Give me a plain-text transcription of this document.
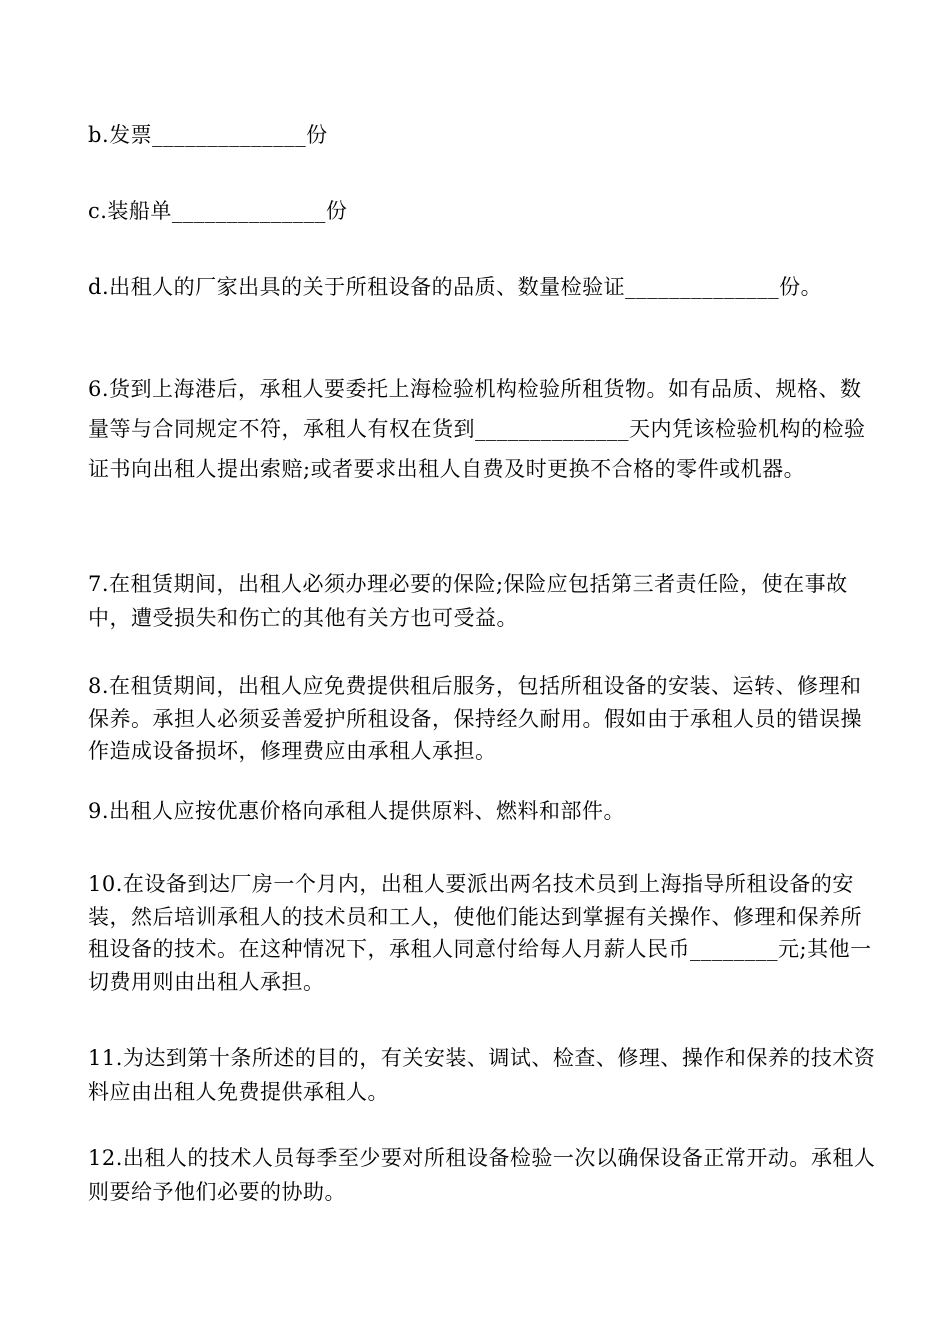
b.发票______________份

c.装船单______________份

d.出租人的厂家出具的关于所租设备的品质、数量检验证______________份。

6.货到上海港后，承租人要委托上海检验机构检验所租货物。如有品质、规格、数量等与合同规定不符，承租人有权在货到______________天内凭该检验机构的检验证书向出租人提出索赔;或者要求出租人自费及时更换不合格的零件或机器。

7.在租赁期间，出租人必须办理必要的保险;保险应包括第三者责任险，使在事故中，遭受损失和伤亡的其他有关方也可受益。

8.在租赁期间，出租人应免费提供租后服务，包括所租设备的安装、运转、修理和保养。承担人必须妥善爱护所租设备，保持经久耐用。假如由于承租人员的错误操作造成设备损坏，修理费应由承租人承担。

9.出租人应按优惠价格向承租人提供原料、燃料和部件。

10.在设备到达厂房一个月内，出租人要派出两名技术员到上海指导所租设备的安装，然后培训承租人的技术员和工人，使他们能达到掌握有关操作、修理和保养所租设备的技术。在这种情况下，承租人同意付给每人月薪人民币________元;其他一切费用则由出租人承担。

11.为达到第十条所述的目的，有关安装、调试、检查、修理、操作和保养的技术资料应由出租人免费提供承租人。

12.出租人的技术人员每季至少要对所租设备检验一次以确保设备正常开动。承租人则要给予他们必要的协助。
